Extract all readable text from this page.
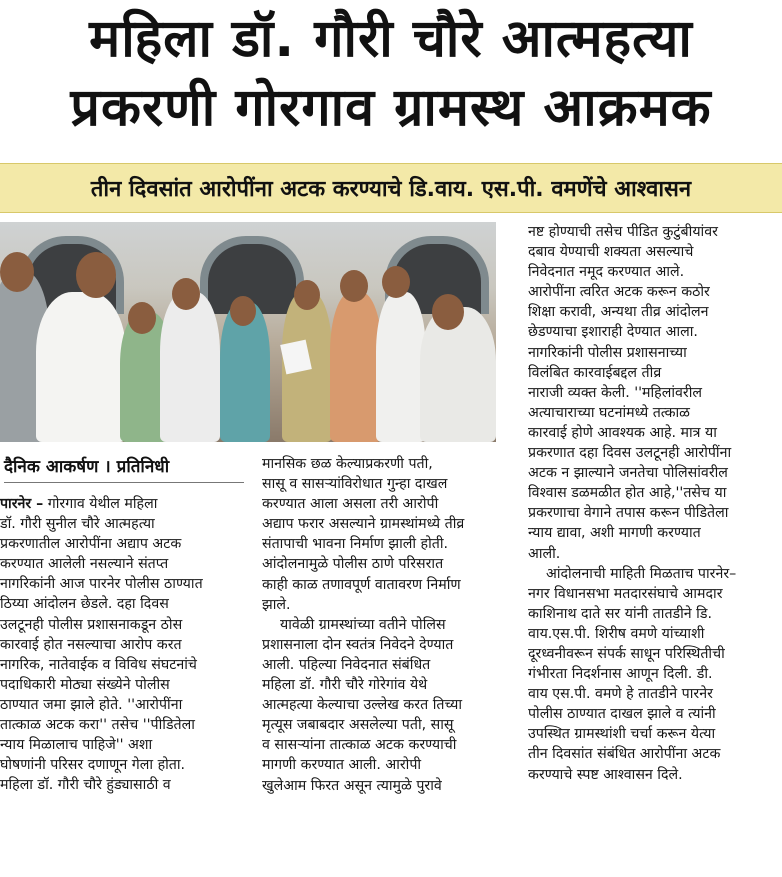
महिला डॉ. गौरी चौरे आत्महत्या
प्रकरणी गोरगाव ग्रामस्थ आक्रमक
तीन दिवसांत आरोपींना अटक करण्याचे डि.वाय. एस.पी. वमणेंचे आश्वासन
दैनिक आकर्षण । प्रतिनिधी

पारनेर – गोरगाव येथील महिला
डॉ. गौरी सुनील चौरे आत्महत्या
प्रकरणातील आरोपींना अद्याप अटक
करण्यात आलेली नसल्याने संतप्त
नागरिकांनी आज पारनेर पोलीस ठाण्यात
ठिय्या आंदोलन छेडले. दहा दिवस
उलटूनही पोलीस प्रशासनाकडून ठोस
कारवाई होत नसल्याचा आरोप करत
नागरिक, नातेवाईक व विविध संघटनांचे
पदाधिकारी मोठ्या संख्येने पोलीस
ठाण्यात जमा झाले होते. ''आरोपींना
तात्काळ अटक करा'' तसेच ''पीडितेला
न्याय मिळालाच पाहिजे'' अशा
घोषणांनी परिसर दणाणून गेला होता.
महिला डॉ. गौरी चौरे हुंड्यासाठी व

मानसिक छळ केल्याप्रकरणी पती,
सासू व सासऱ्यांविरोधात गुन्हा दाखल
करण्यात आला असला तरी आरोपी
अद्याप फरार असल्याने ग्रामस्थांमध्ये तीव्र
संतापाची भावना निर्माण झाली होती.
आंदोलनामुळे पोलीस ठाणे परिसरात
काही काळ तणावपूर्ण वातावरण निर्माण
झाले.

यावेळी ग्रामस्थांच्या वतीने पोलिस
प्रशासनाला दोन स्वतंत्र निवेदने देण्यात
आली. पहिल्या निवेदनात संबंधित
महिला डॉ. गौरी चौरे गोरेगांव येथे
आत्महत्या केल्याचा उल्लेख करत तिच्या
मृत्यूस जबाबदार असलेल्या पती, सासू
व सासऱ्यांना तात्काळ अटक करण्याची
मागणी करण्यात आली. आरोपी
खुलेआम फिरत असून त्यामुळे पुरावे

नष्ट होण्याची तसेच पीडित कुटुंबीयांवर
दबाव येण्याची शक्यता असल्याचे
निवेदनात नमूद करण्यात आले.
आरोपींना त्वरित अटक करून कठोर
शिक्षा करावी, अन्यथा तीव्र आंदोलन
छेडण्याचा इशाराही देण्यात आला.
नागरिकांनी पोलीस प्रशासनाच्या
विलंबित कारवाईबद्दल तीव्र
नाराजी व्यक्त केली. ''महिलांवरील
अत्याचाराच्या घटनांमध्ये तत्काळ
कारवाई होणे आवश्यक आहे. मात्र या
प्रकरणात दहा दिवस उलटूनही आरोपींना
अटक न झाल्याने जनतेचा पोलिसांवरील
विश्वास डळमळीत होत आहे,''तसेच या
प्रकरणाचा वेगाने तपास करून पीडितेला
न्याय द्यावा, अशी मागणी करण्यात
आली.

आंदोलनाची माहिती मिळताच पारनेर–
नगर विधानसभा मतदारसंघाचे आमदार
काशिनाथ दाते सर यांनी तातडीने डि.
वाय.एस.पी. शिरीष वमणे यांच्याशी
दूरध्वनीवरून संपर्क साधून परिस्थितीची
गंभीरता निदर्शनास आणून दिली. डी.
वाय एस.पी. वमणे हे तातडीने पारनेर
पोलीस ठाण्यात दाखल झाले व त्यांनी
उपस्थित ग्रामस्थांशी चर्चा करून येत्या
तीन दिवसांत संबंधित आरोपींना अटक
करण्याचे स्पष्ट आश्वासन दिले.
